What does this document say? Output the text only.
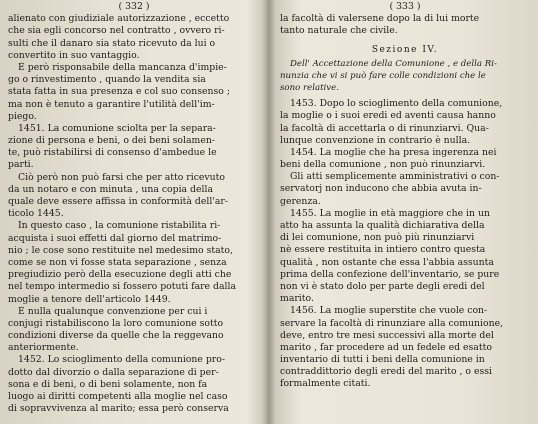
( 332 )
alienato con giudiziale autorizzazione , eccetto
che sia egli concorso nel contratto , ovvero ri-
sulti che il danaro sia stato ricevuto da lui o
convertito in suo vantaggio.
È però risponsabile della mancanza d'impie-
go o rinvestimento , quando la vendita sia
stata fatta in sua presenza e col suo consenso ;
ma non è tenuto a garantire l'utilità dell'im-
piego.
1451. La comunione sciolta per la separa-
zione di persona e beni, o dei beni solamen-
te, può ristabilirsi di consenso d'ambedue le
parti.
Ciò però non può farsi che per atto ricevuto
da un notaro e con minuta , una copia della
quale deve essere affissa in conformità dell'ar-
ticolo 1445.
In questo caso , la comunione ristabilita ri-
acquista i suoi effetti dal giorno del matrimo-
nio ; le cose sono restituite nel medesimo stato,
come se non vi fosse stata separazione , senza
pregiudizio però della esecuzione degli atti che
nel tempo intermedio si fossero potuti fare dalla
moglie a tenore dell'articolo 1449.
È nulla qualunque convenzione per cui i
conjugi ristabiliscono la loro comunione sotto
condizioni diverse da quelle che la reggevano
anteriormente.
1452. Lo scioglimento della comunione pro-
dotto dal divorzio o dalla separazione di per-
sona e di beni, o di beni solamente, non fa
luogo ai diritti competenti alla moglie nel caso
di sopravvivenza al marito; essa però conserva
( 333 )
la facoltà di valersene dopo la di lui morte
tanto naturale che civile.
Sezione IV.
Dell' Accettazione della Comunione , e della Ri-
nunzia che vi si può fare colle condizioni che le
sono relative.
1453. Dopo lo scioglimento della comunione,
la moglie o i suoi eredi ed aventi causa hanno
la facoltà di accettarla o di rinunziarvi. Qua-
lunque convenzione in contrario è nulla.
1454. La moglie che ha presa ingerenza nei
beni della comunione , non può rinunziarvi.
Gli atti semplicemente amministrativi o con-
servatorj non inducono che abbia avuta in-
gerenza.
1455. La moglie in età maggiore che in un
atto ha assunta la qualità dichiarativa della
di lei comunione, non può più rinunziarvi
nè essere restituita in intiero contro questa
qualità , non ostante che essa l'abbia assunta
prima della confezione dell'inventario, se pure
non vi è stato dolo per parte degli eredi del
marito.
1456. La moglie superstite che vuole con-
servare la facoltà di rinunziare alla comunione,
deve, entro tre mesi successivi alla morte del
marito , far procedere ad un fedele ed esatto
inventario di tutti i beni della comunione in
contraddittorio degli eredi del marito , o essi
formalmente citati.
